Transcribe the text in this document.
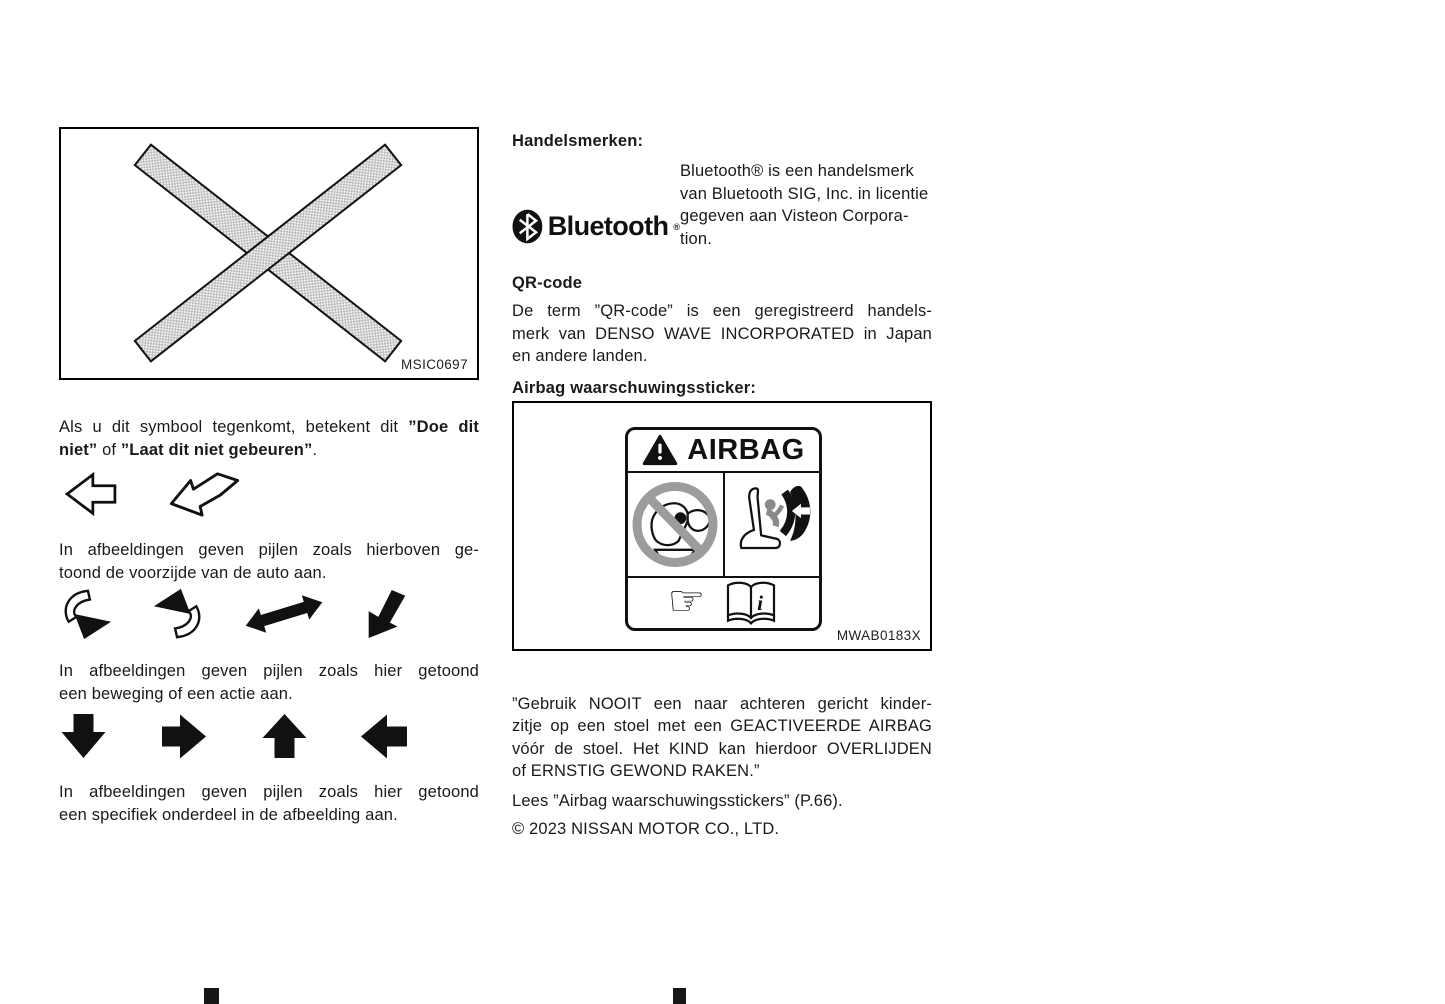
MSIC0697
Als u dit symbool tegenkomt, betekent dit ”Doe dit
niet” of ”Laat dit niet gebeuren”.
In afbeeldingen geven pijlen zoals hierboven ge-
toond de voorzijde van de auto aan.
In afbeeldingen geven pijlen zoals hier getoond
een beweging of een actie aan.
In afbeeldingen geven pijlen zoals hier getoond
een specifiek onderdeel in de afbeelding aan.
Handelsmerken:
Bluetooth ®
Bluetooth® is een handelsmerk
van Bluetooth SIG, Inc. in licentie
gegeven aan Visteon Corpora-
tion.
QR-code
De term ”QR-code” is een geregistreerd handels-
merk van DENSO WAVE INCORPORATED in Japan
en andere landen.
Airbag waarschuwingssticker:
AIRBAG
☞ i
MWAB0183X
”Gebruik NOOIT een naar achteren gericht kinder-
zitje op een stoel met een GEACTIVEERDE AIRBAG
vóór de stoel. Het KIND kan hierdoor OVERLIJDEN
of ERNSTIG GEWOND RAKEN.”
Lees ”Airbag waarschuwingsstickers” (P.66).
© 2023 NISSAN MOTOR CO., LTD.
